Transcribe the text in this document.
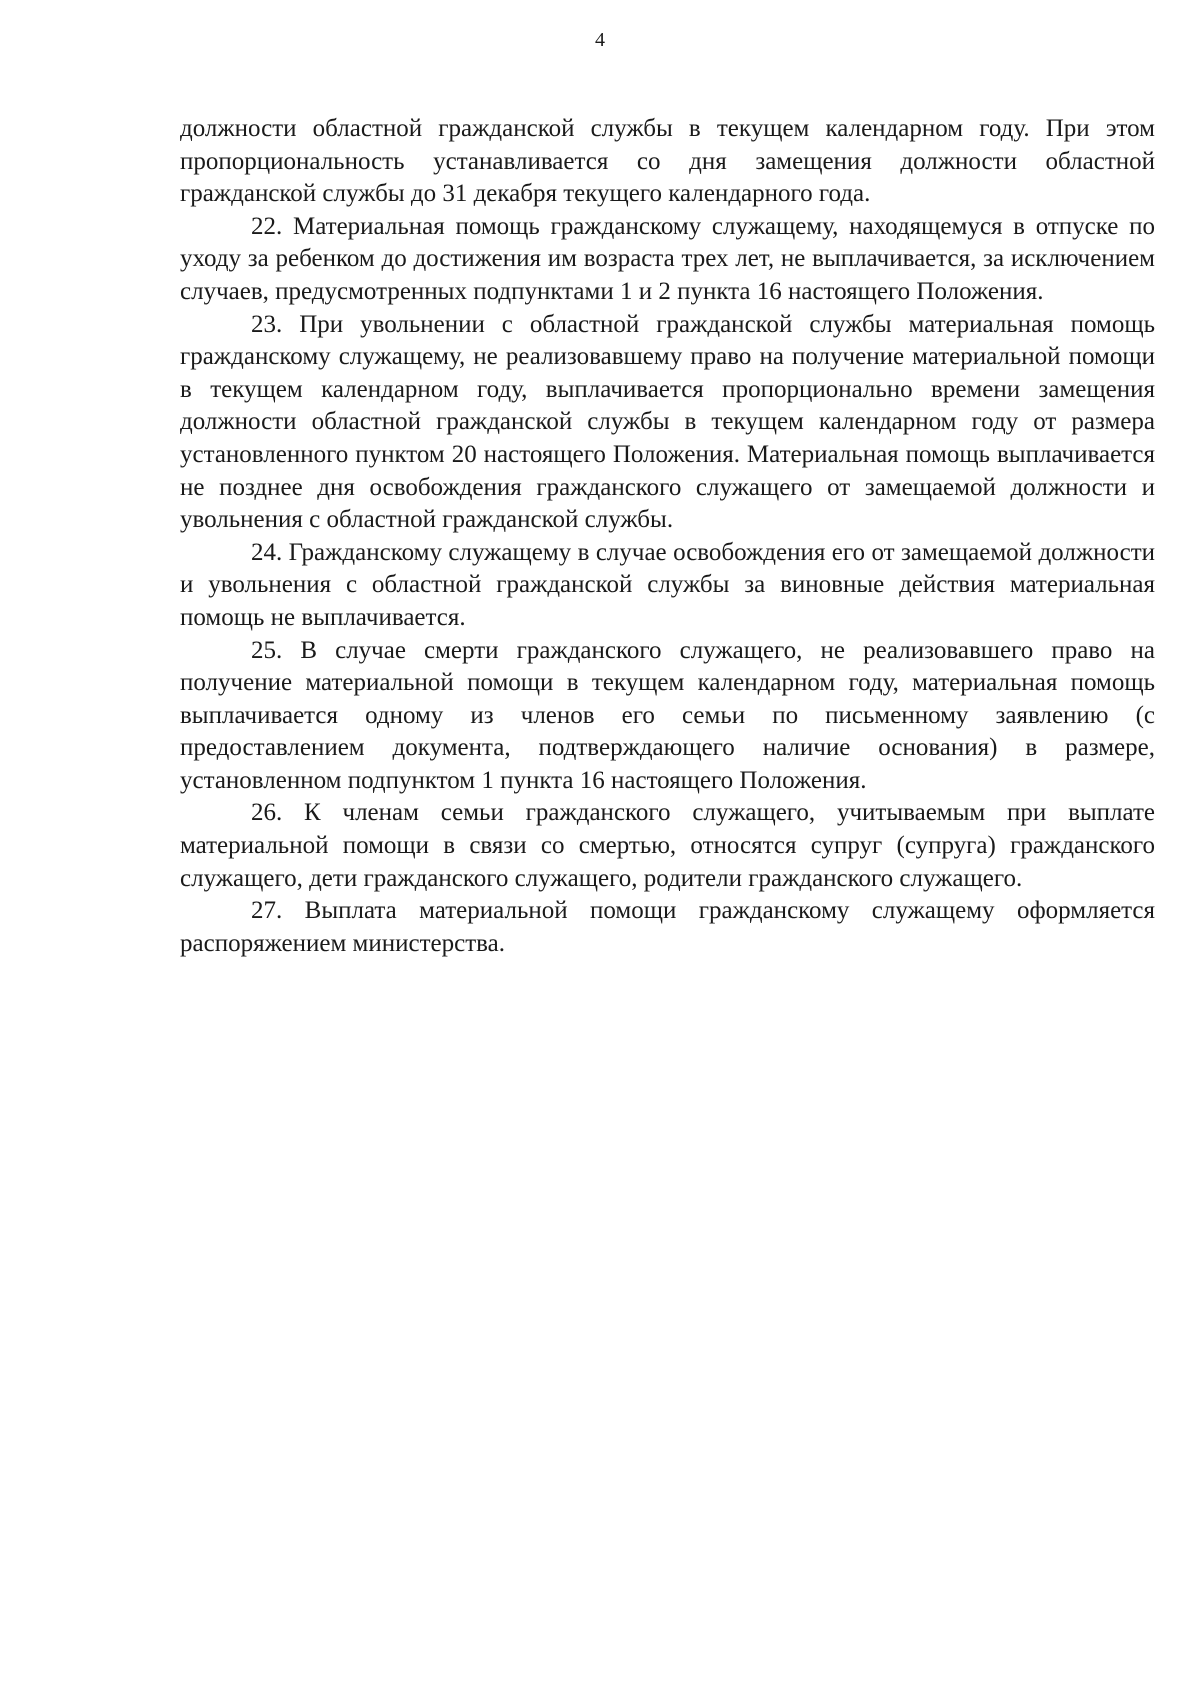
4

должности областной гражданской службы в текущем календарном году. При этом пропорциональность устанавливается со дня замещения должности областной гражданской службы до 31 декабря текущего календарного года.

22. Материальная помощь гражданскому служащему, находящемуся в отпуске по уходу за ребенком до достижения им возраста трех лет, не выплачивается, за исключением случаев, предусмотренных подпунктами 1 и 2 пункта 16 настоящего Положения.

23. При увольнении с областной гражданской службы материальная помощь гражданскому служащему, не реализовавшему право на получение материальной помощи в текущем календарном году, выплачивается пропорционально времени замещения должности областной гражданской службы в текущем календарном году от размера установленного пунктом 20 настоящего Положения. Материальная помощь выплачивается не позднее дня освобождения гражданского служащего от замещаемой должности и увольнения с областной гражданской службы.

24. Гражданскому служащему в случае освобождения его от замещаемой должности и увольнения с областной гражданской службы за виновные действия материальная помощь не выплачивается.

25. В случае смерти гражданского служащего, не реализовавшего право на получение материальной помощи в текущем календарном году, материальная помощь выплачивается одному из членов его семьи по письменному заявлению (с предоставлением документа, подтверждающего наличие основания) в размере, установленном подпунктом 1 пункта 16 настоящего Положения.

26. К членам семьи гражданского служащего, учитываемым при выплате материальной помощи в связи со смертью, относятся супруг (супруга) гражданского служащего, дети гражданского служащего, родители гражданского служащего.

27. Выплата материальной помощи гражданскому служащему оформляется распоряжением министерства.
